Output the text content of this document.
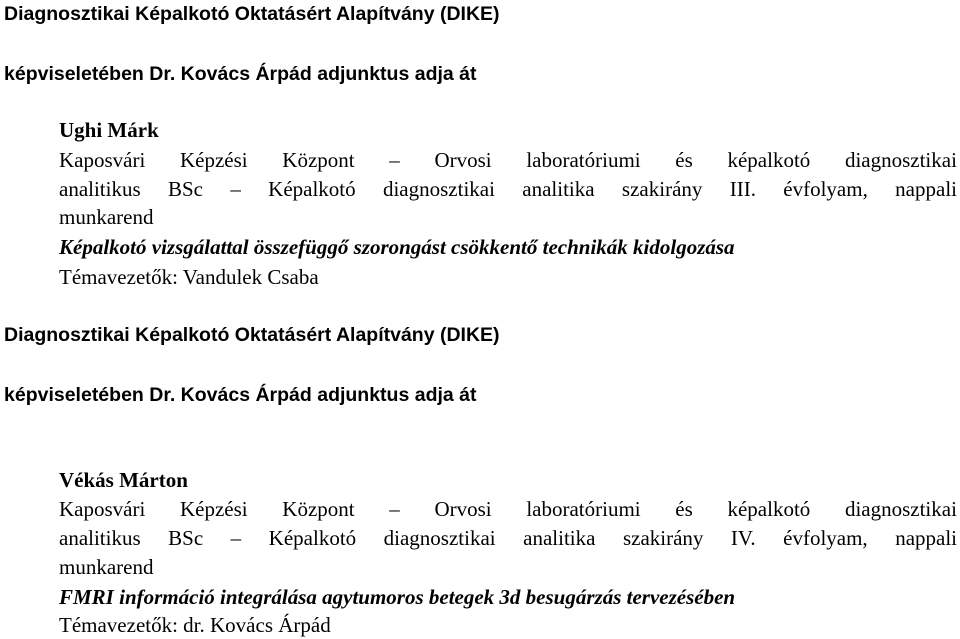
Diagnosztikai Képalkotó Oktatásért Alapítvány (DIKE)
képviseletében Dr. Kovács Árpád adjunktus adja át
Ughi Márk
Kaposvári Képzési Központ – Orvosi laboratóriumi és képalkotó diagnosztikai
analitikus BSc – Képalkotó diagnosztikai analitika szakirány III. évfolyam, nappali
munkarend
Képalkotó vizsgálattal összefüggő szorongást csökkentő technikák kidolgozása
Témavezetők: Vandulek Csaba
Diagnosztikai Képalkotó Oktatásért Alapítvány (DIKE)
képviseletében Dr. Kovács Árpád adjunktus adja át
Vékás Márton
Kaposvári Képzési Központ – Orvosi laboratóriumi és képalkotó diagnosztikai
analitikus BSc – Képalkotó diagnosztikai analitika szakirány IV. évfolyam, nappali
munkarend
FMRI információ integrálása agytumoros betegek 3d besugárzás tervezésében
Témavezetők: dr. Kovács Árpád
